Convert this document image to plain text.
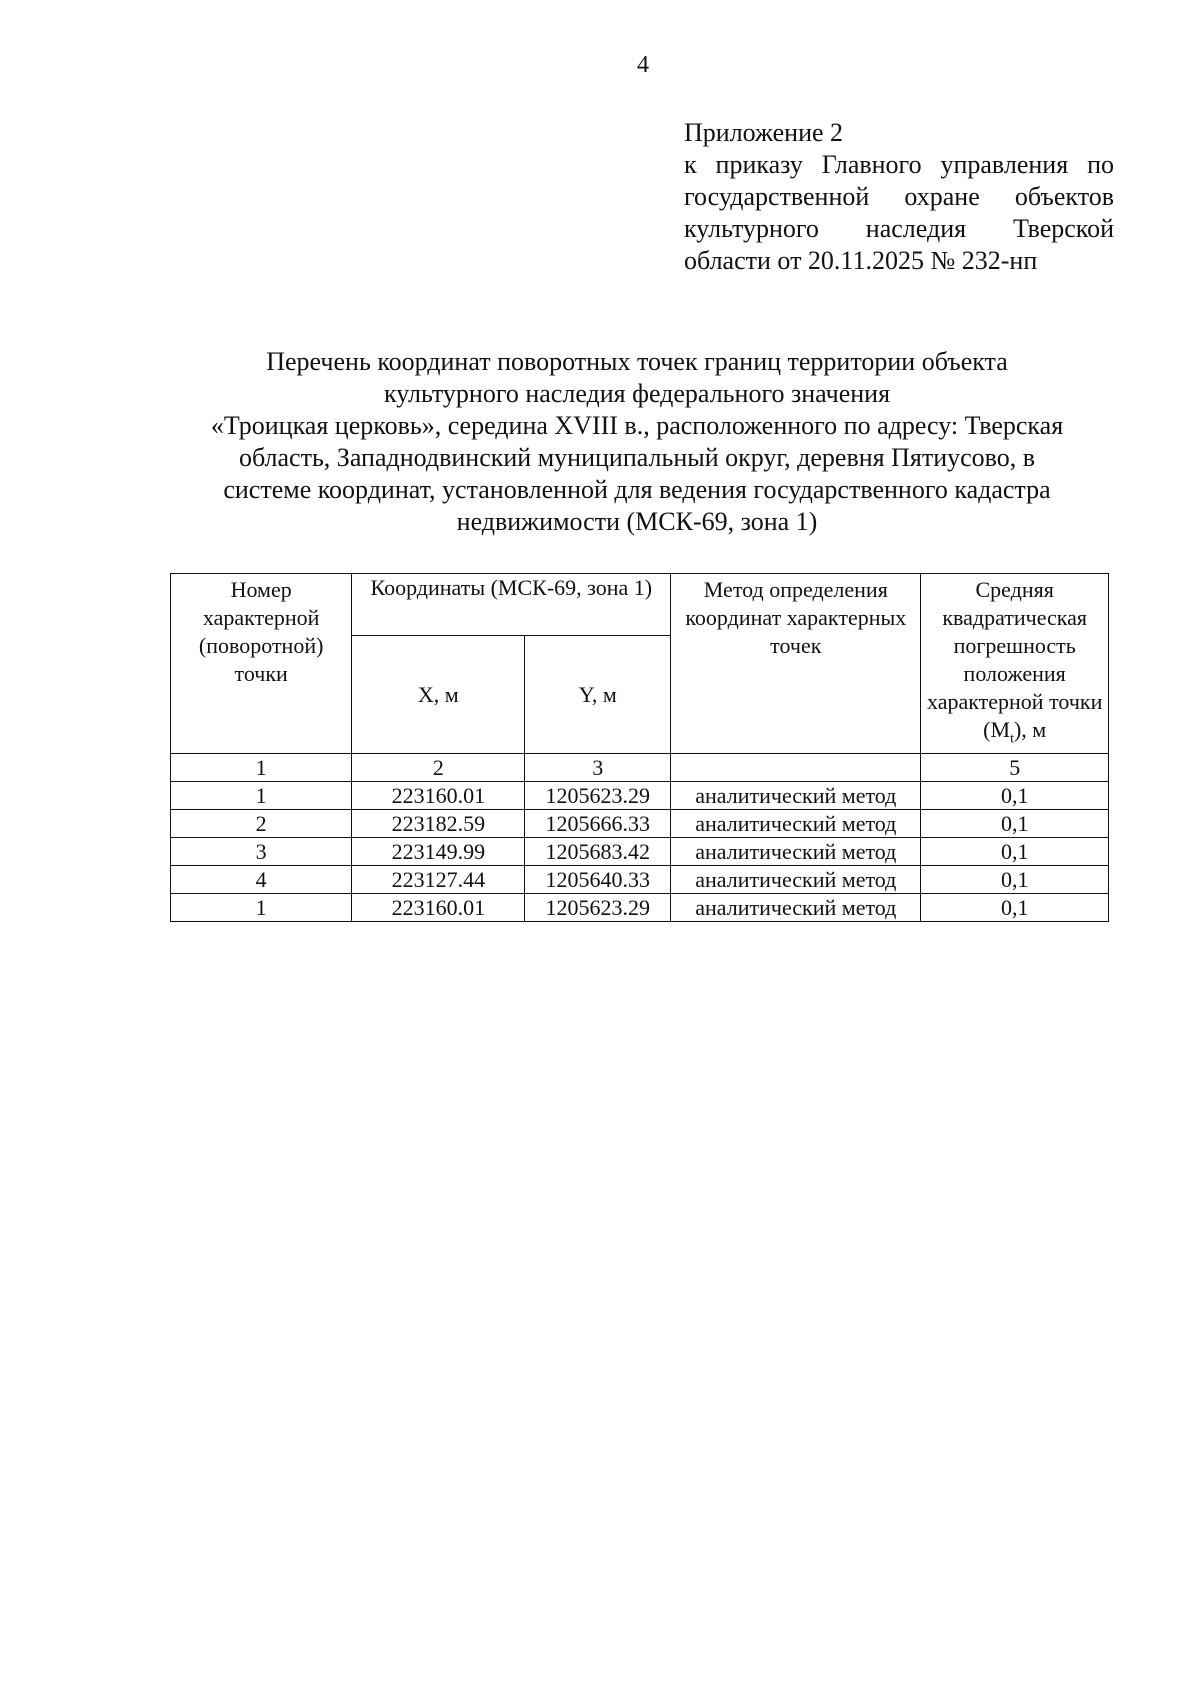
4
Приложение 2
к приказу Главного управления по государственной охране объектов культурного наследия Тверской области от 20.11.2025 № 232-нп
Перечень координат поворотных точек границ территории объекта
культурного наследия федерального значения
«Троицкая церковь», середина XVIII в., расположенного по адресу: Тверская
область, Западнодвинский муниципальный округ, деревня Пятиусово, в
системе координат, установленной для ведения государственного кадастра
недвижимости (МСК-69, зона 1)
Номер характерной (поворотной) точки	Координаты (МСК-69, зона 1)		Метод определения координат характерных точек	Средняя квадратическая погрешность положения характерной точки $(M_t)$, м
	X, м	Y, м		
1	2	3		5
1	223160.01	1205623.29	аналитический метод	0,1
2	223182.59	1205666.33	аналитический метод	0,1
3	223149.99	1205683.42	аналитический метод	0,1
4	223127.44	1205640.33	аналитический метод	0,1
1	223160.01	1205623.29	аналитический метод	0,1
